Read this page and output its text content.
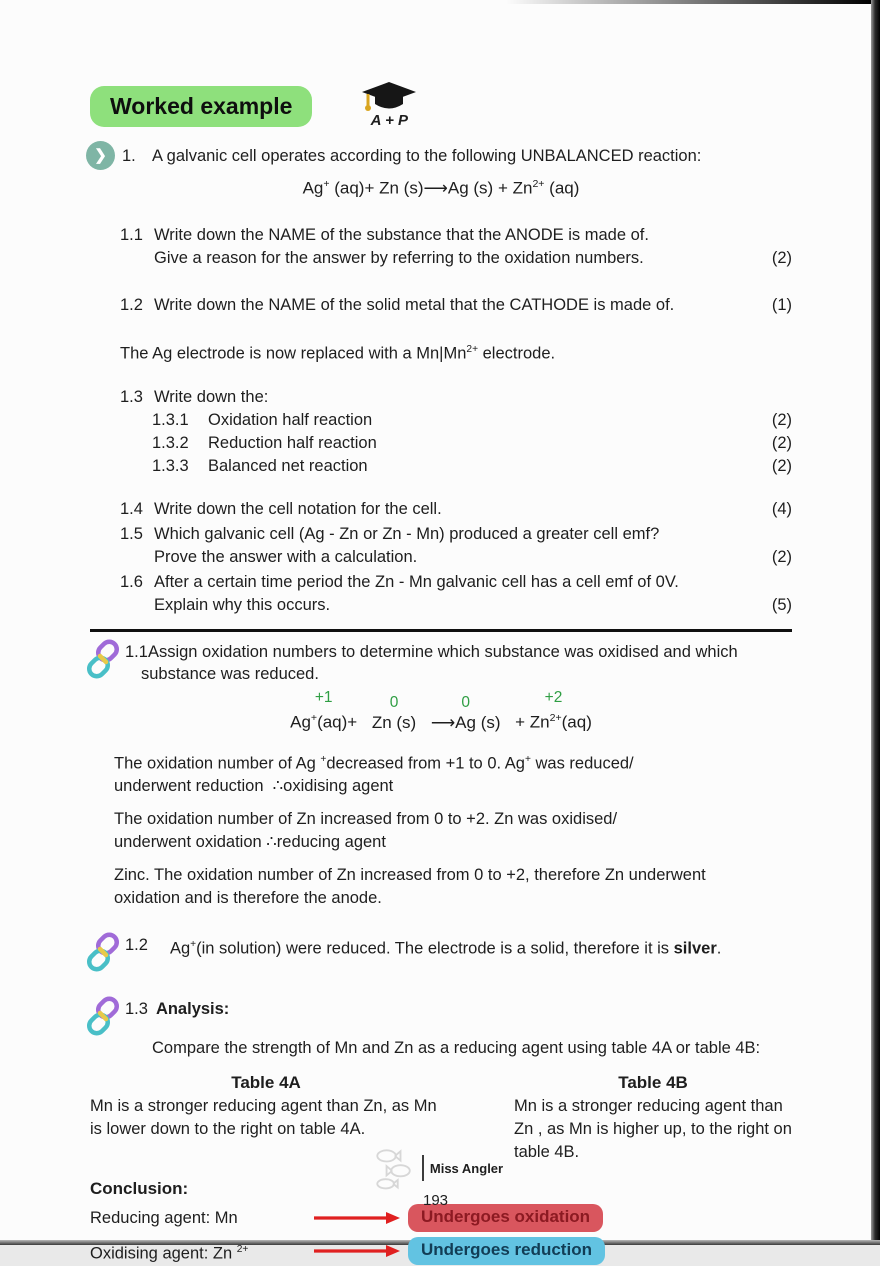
Worked example
A + P
❯ 1. A galvanic cell operates according to the following UNBALANCED reaction:
Ag+ (aq)+ Zn (s)⟶Ag $(s) + Zn^{2+}$ (aq)
1.1 Write down the NAME of the substance that the ANODE is made of.
Give a reason for the answer by referring to the oxidation numbers.	(2)
1.2 Write down the NAME of the solid metal that the CATHODE is made of.	(1)
The Ag electrode is now replaced with a $Mn|Mn^{2+}$ electrode.
1.3 Write down the:
1.3.1	Oxidation half reaction	(2)
1.3.2	Reduction half reaction	(2)
1.3.3	Balanced net reaction	(2)
1.4 Write down the cell notation for the cell.	(4)
1.5 Which galvanic cell (Ag - Zn or Zn - Mn) produced a greater cell emf?
Prove the answer with a calculation.	(2)
1.6 After a certain time period the Zn - Mn galvanic cell has a cell emf of 0V.
Explain why this occurs.	(5)
1.1Assign oxidation numbers to determine which substance was oxidised and which
substance was reduced.
+1
Ag+(aq)+

0
Zn (s)

0
⟶Ag (s)

+2
+ $Zn^{2+}(aq)$
The oxidation number of Ag +decreased from +1 to 0. Ag+ was reduced/
underwent reduction  ∴oxidising agent
The oxidation number of Zn increased from 0 to +2. Zn was oxidised/
underwent oxidation ∴reducing agent
Zinc. The oxidation number of Zn increased from 0 to +2, therefore Zn underwent
oxidation and is therefore the anode.
1.2 Ag+(in solution) were reduced. The electrode is a solid, therefore it is silver.
1.3 Analysis:
Compare the strength of Mn and Zn as a reducing agent using table 4A or table 4B:
Table 4A
Mn is a stronger reducing agent than Zn, as Mn is lower down to the right on table 4A.
Table 4B
Mn is a stronger reducing agent than Zn , as Mn is higher up, to the right on table 4B.
Conclusion:
Reducing agent: Mn	Undergoes oxidation
Oxidising agent: Zn $^{2+}$	Undergoes reduction
Miss Angler
193
